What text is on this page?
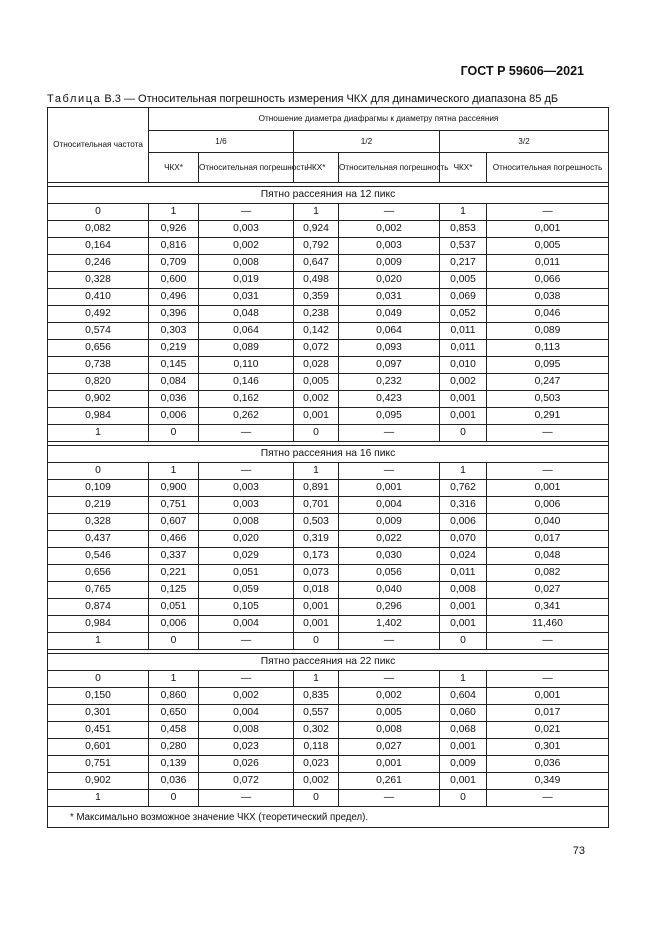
ГОСТ Р 59606—2021
Таблица В.3 — Относительная погрешность измерения ЧКХ для динамического диапазона 85 дБ
Относительная частота	Отношение диаметра диафрагмы к диаметру пятна рассеяния					
	1/6		1/2		3/2	
	ЧКХ*	Относительная погрешность	ЧКХ*	Относительная погрешность	ЧКХ*	Относительная погрешность

Пятно рассеяния на 12 пикс						
0	1	—	1	—	1	—
0,082	0,926	0,003	0,924	0,002	0,853	0,001
0,164	0,816	0,002	0,792	0,003	0,537	0,005
0,246	0,709	0,008	0,647	0,009	0,217	0,011
0,328	0,600	0,019	0,498	0,020	0,005	0,066
0,410	0,496	0,031	0,359	0,031	0,069	0,038
0,492	0,396	0,048	0,238	0,049	0,052	0,046
0,574	0,303	0,064	0,142	0,064	0,011	0,089
0,656	0,219	0,089	0,072	0,093	0,011	0,113
0,738	0,145	0,110	0,028	0,097	0,010	0,095
0,820	0,084	0,146	0,005	0,232	0,002	0,247
0,902	0,036	0,162	0,002	0,423	0,001	0,503
0,984	0,006	0,262	0,001	0,095	0,001	0,291
1	0	—	0	—	0	—

Пятно рассеяния на 16 пикс						
0	1	—	1	—	1	—
0,109	0,900	0,003	0,891	0,001	0,762	0,001
0,219	0,751	0,003	0,701	0,004	0,316	0,006
0,328	0,607	0,008	0,503	0,009	0,006	0,040
0,437	0,466	0,020	0,319	0,022	0,070	0,017
0,546	0,337	0,029	0,173	0,030	0,024	0,048
0,656	0,221	0,051	0,073	0,056	0,011	0,082
0,765	0,125	0,059	0,018	0,040	0,008	0,027
0,874	0,051	0,105	0,001	0,296	0,001	0,341
0,984	0,006	0,004	0,001	1,402	0,001	11,460
1	0	—	0	—	0	—

Пятно рассеяния на 22 пикс						
0	1	—	1	—	1	—
0,150	0,860	0,002	0,835	0,002	0,604	0,001
0,301	0,650	0,004	0,557	0,005	0,060	0,017
0,451	0,458	0,008	0,302	0,008	0,068	0,021
0,601	0,280	0,023	0,118	0,027	0,001	0,301
0,751	0,139	0,026	0,023	0,001	0,009	0,036
0,902	0,036	0,072	0,002	0,261	0,001	0,349
1	0	—	0	—	0	—
* Максимально возможное значение ЧКХ (теоретический предел).						
73
